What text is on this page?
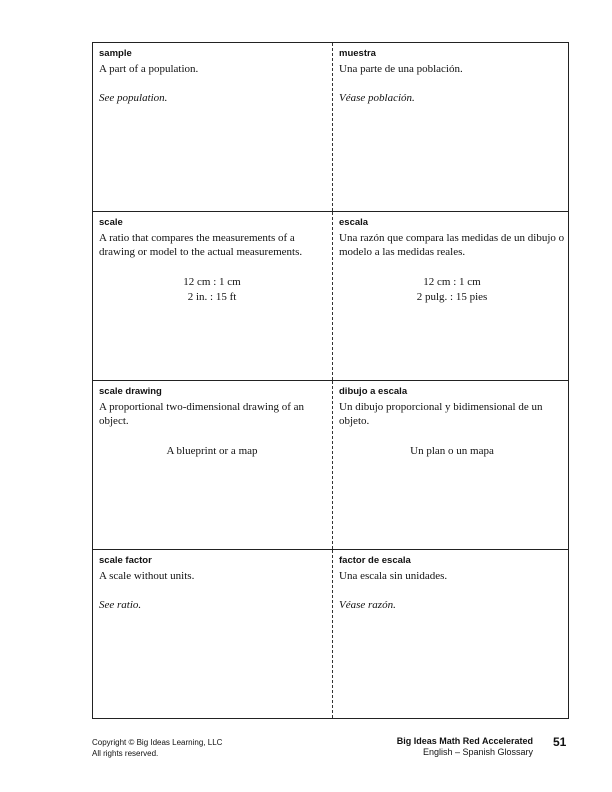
sample

A part of a population.

See population.

muestra

Una parte de una población.

Véase población.

scale

A ratio that compares the measurements of a drawing or model to the actual measurements.

12 cm : 1 cm
2 in. : 15 ft

escala

Una razón que compara las medidas de un dibujo o modelo a las medidas reales.

12 cm : 1 cm
2 pulg. : 15 pies

scale drawing

A proportional two-dimensional drawing of an object.

A blueprint or a map

dibujo a escala

Un dibujo proporcional y bidimensional de un objeto.

Un plan o un mapa

scale factor

A scale without units.

See ratio.

factor de escala

Una escala sin unidades.

Véase razón.

Copyright © Big Ideas Learning, LLC
All rights reserved.
Big Ideas Math Red Accelerated
English – Spanish Glossary
51
